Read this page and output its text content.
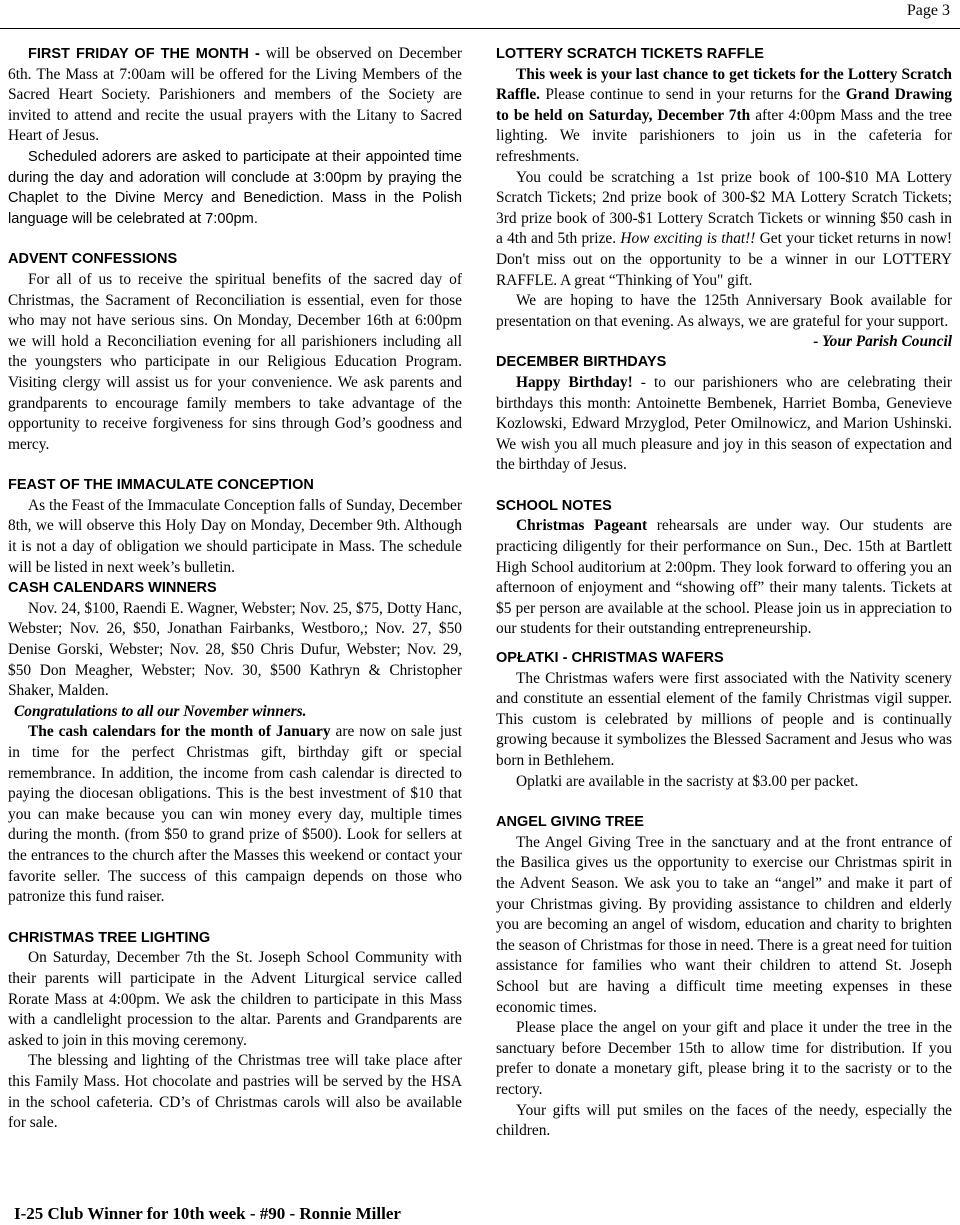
Page 3

FIRST FRIDAY OF THE MONTH - will be observed on December 6th. The Mass at 7:00am will be offered for the Living Members of the Sacred Heart Society. Parishioners and members of the Society are invited to attend and recite the usual prayers with the Litany to Sacred Heart of Jesus.

Scheduled adorers are asked to participate at their appointed time during the day and adoration will conclude at 3:00pm by praying the Chaplet to the Divine Mercy and Benediction. Mass in the Polish language will be celebrated at 7:00pm.

ADVENT CONFESSIONS

For all of us to receive the spiritual benefits of the sacred day of Christmas, the Sacrament of Reconciliation is essential, even for those who may not have serious sins. On Monday, December 16th at 6:00pm we will hold a Reconciliation evening for all parishioners including all the youngsters who participate in our Religious Education Program. Visiting clergy will assist us for your convenience. We ask parents and grandparents to encourage family members to take advantage of the opportunity to receive forgiveness for sins through God’s goodness and mercy.

FEAST OF THE IMMACULATE CONCEPTION

As the Feast of the Immaculate Conception falls of Sunday, December 8th, we will observe this Holy Day on Monday, December 9th. Although it is not a day of obligation we should participate in Mass. The schedule will be listed in next week’s bulletin.

CASH CALENDARS WINNERS

Nov. 24, $100, Raendi E. Wagner, Webster; Nov. 25, $75, Dotty Hanc, Webster; Nov. 26, $50, Jonathan Fairbanks, Westboro,; Nov. 27, $50 Denise Gorski, Webster; Nov. 28, $50 Chris Dufur, Webster; Nov. 29, $50 Don Meagher, Webster; Nov. 30, $500 Kathryn & Christopher Shaker, Malden.

Congratulations to all our November winners.

The cash calendars for the month of January are now on sale just in time for the perfect Christmas gift, birthday gift or special remembrance. In addition, the income from cash calendar is directed to paying the diocesan obligations. This is the best investment of $10 that you can make because you can win money every day, multiple times during the month. (from $50 to grand prize of $500). Look for sellers at the entrances to the church after the Masses this weekend or contact your favorite seller. The success of this campaign depends on those who patronize this fund raiser.

CHRISTMAS TREE LIGHTING

On Saturday, December 7th the St. Joseph School Community with their parents will participate in the Advent Liturgical service called Rorate Mass at 4:00pm. We ask the children to participate in this Mass with a candlelight procession to the altar. Parents and Grandparents are asked to join in this moving ceremony.

The blessing and lighting of the Christmas tree will take place after this Family Mass. Hot chocolate and pastries will be served by the HSA in the school cafeteria. CD’s of Christmas carols will also be available for sale.

I-25 Club Winner for 10th week - #90 - Ronnie Miller

LOTTERY SCRATCH TICKETS RAFFLE

This week is your last chance to get tickets for the Lottery Scratch Raffle. Please continue to send in your returns for the Grand Drawing to be held on Saturday, December 7th after 4:00pm Mass and the tree lighting. We invite parishioners to join us in the cafeteria for refreshments.

You could be scratching a 1st prize book of 100-$10 MA Lottery Scratch Tickets; 2nd prize book of 300-$2 MA Lottery Scratch Tickets; 3rd prize book of 300-$1 Lottery Scratch Tickets or winning $50 cash in a 4th and 5th prize. How exciting is that!! Get your ticket returns in now! Don't miss out on the opportunity to be a winner in our LOTTERY RAFFLE. A great “Thinking of You" gift.

We are hoping to have the 125th Anniversary Book available for presentation on that evening. As always, we are grateful for your support.
- Your Parish Council

DECEMBER BIRTHDAYS

Happy Birthday! - to our parishioners who are celebrating their birthdays this month: Antoinette Bembenek, Harriet Bomba, Genevieve Kozlowski, Edward Mrzyglod, Peter Omilnowicz, and Marion Ushinski. We wish you all much pleasure and joy in this season of expectation and the birthday of Jesus.

SCHOOL NOTES

Christmas Pageant rehearsals are under way. Our students are practicing diligently for their performance on Sun., Dec. 15th at Bartlett High School auditorium at 2:00pm. They look forward to offering you an afternoon of enjoyment and “showing off” their many talents. Tickets at $5 per person are available at the school. Please join us in appreciation to our students for their outstanding entrepreneurship.

OPŁATKI - CHRISTMAS WAFERS

The Christmas wafers were first associated with the Nativity scenery and constitute an essential element of the family Christmas vigil supper. This custom is celebrated by millions of people and is continually growing because it symbolizes the Blessed Sacrament and Jesus who was born in Bethlehem.

Oplatki are available in the sacristy at $3.00 per packet.

ANGEL GIVING TREE

The Angel Giving Tree in the sanctuary and at the front entrance of the Basilica gives us the opportunity to exercise our Christmas spirit in the Advent Season. We ask you to take an “angel” and make it part of your Christmas giving. By providing assistance to children and elderly you are becoming an angel of wisdom, education and charity to brighten the season of Christmas for those in need. There is a great need for tuition assistance for families who want their children to attend St. Joseph School but are having a difficult time meeting expenses in these economic times.

Please place the angel on your gift and place it under the tree in the sanctuary before December 15th to allow time for distribution. If you prefer to donate a monetary gift, please bring it to the sacristy or to the rectory.

Your gifts will put smiles on the faces of the needy, especially the children.
